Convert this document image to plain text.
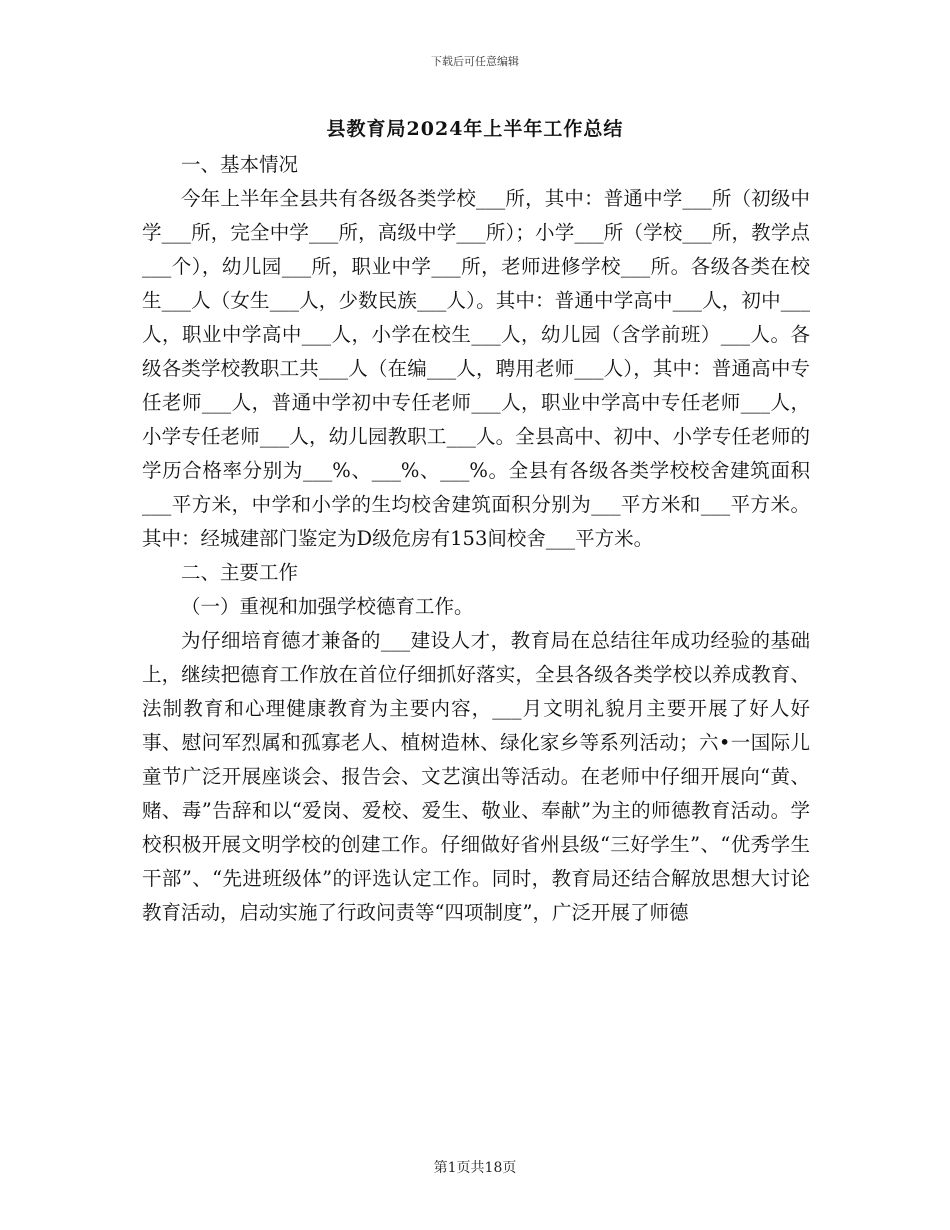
下载后可任意编辑
县教育局2024年上半年工作总结

一、基本情况

今年上半年全县共有各级各类学校___所，其中：普通中学___所（初级中学___所，完全中学___所，高级中学___所）；小学___所（学校___所，教学点___个），幼儿园___所，职业中学___所，老师进修学校___所。各级各类在校生___人（女生___人，少数民族___人）。其中：普通中学高中___人，初中___人，职业中学高中___人，小学在校生___人，幼儿园（含学前班）___人。各级各类学校教职工共___人（在编___人，聘用老师___人），其中：普通高中专任老师___人，普通中学初中专任老师___人，职业中学高中专任老师___人，小学专任老师___人，幼儿园教职工___人。全县高中、初中、小学专任老师的学历合格率分别为___%、___%、___%。全县有各级各类学校校舍建筑面积___平方米，中学和小学的生均校舍建筑面积分别为___平方米和___平方米。其中：经城建部门鉴定为D级危房有153间校舍___平方米。

二、主要工作

（一）重视和加强学校德育工作。

为仔细培育德才兼备的___建设人才，教育局在总结往年成功经验的基础上，继续把德育工作放在首位仔细抓好落实，全县各级各类学校以养成教育、法制教育和心理健康教育为主要内容，___月文明礼貌月主要开展了好人好事、慰问军烈属和孤寡老人、植树造林、绿化家乡等系列活动；六•一国际儿童节广泛开展座谈会、报告会、文艺演出等活动。在老师中仔细开展向“黄、赌、毒”告辞和以“爱岗、爱校、爱生、敬业、奉献”为主的师德教育活动。学校积极开展文明学校的创建工作。仔细做好省州县级“三好学生”、“优秀学生干部”、“先进班级体”的评选认定工作。同时，教育局还结合解放思想大讨论教育活动，启动实施了行政问责等“四项制度”，广泛开展了师德

第1页共18页
